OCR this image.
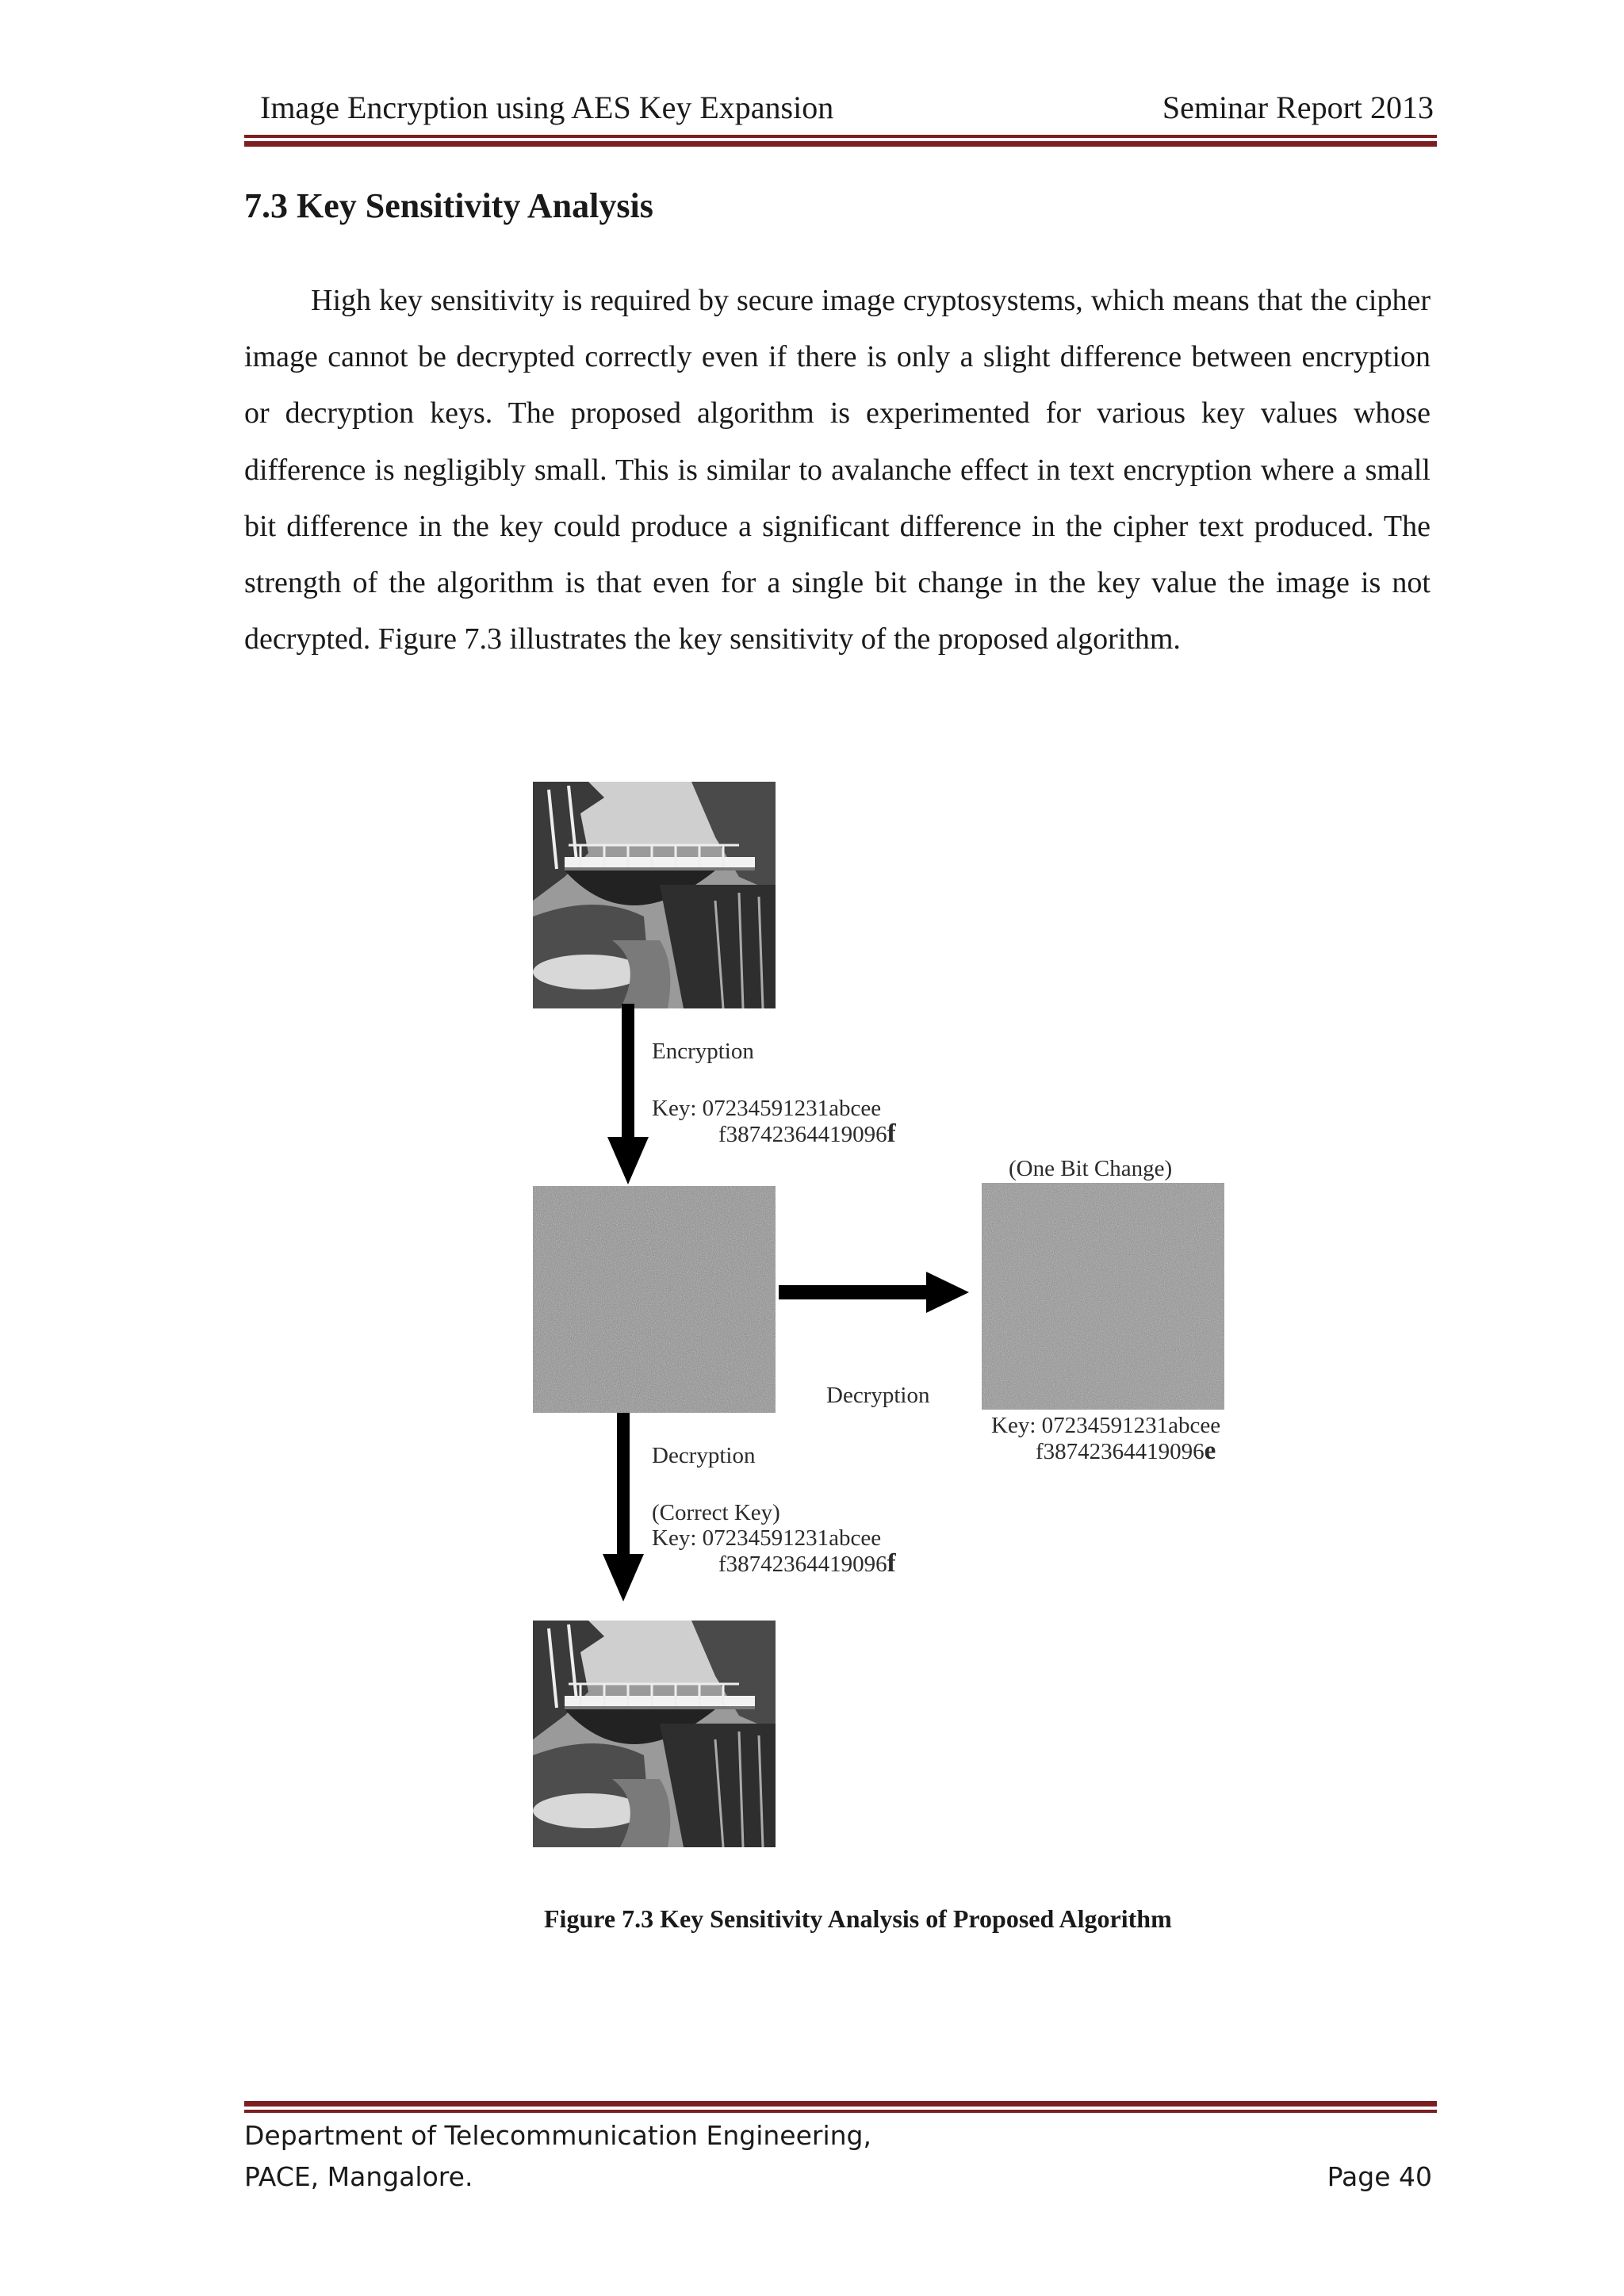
Image Encryption using AES Key Expansion	Seminar Report 2013
7.3 Key Sensitivity Analysis

High key sensitivity is required by secure image cryptosystems, which means that the cipher image cannot be decrypted correctly even if there is only a slight difference between encryption or decryption keys. The proposed algorithm is experimented for various key values whose difference is negligibly small. This is similar to avalanche effect in text encryption where a small bit difference in the key could produce a significant difference in the cipher text produced. The strength of the algorithm is that even for a single bit change in the key value the image is not decrypted. Figure 7.3 illustrates the key sensitivity of the proposed algorithm.

Encryption
Key: 07234591231abcee
f38742364419096f
Decryption
(One Bit Change)
Key: 07234591231abcee
f38742364419096e
Decryption
(Correct Key)
Key: 07234591231abcee
f38742364419096f
Figure 7.3 Key Sensitivity Analysis of Proposed Algorithm
Department of Telecommunication Engineering,
PACE, Mangalore.	Page 40
